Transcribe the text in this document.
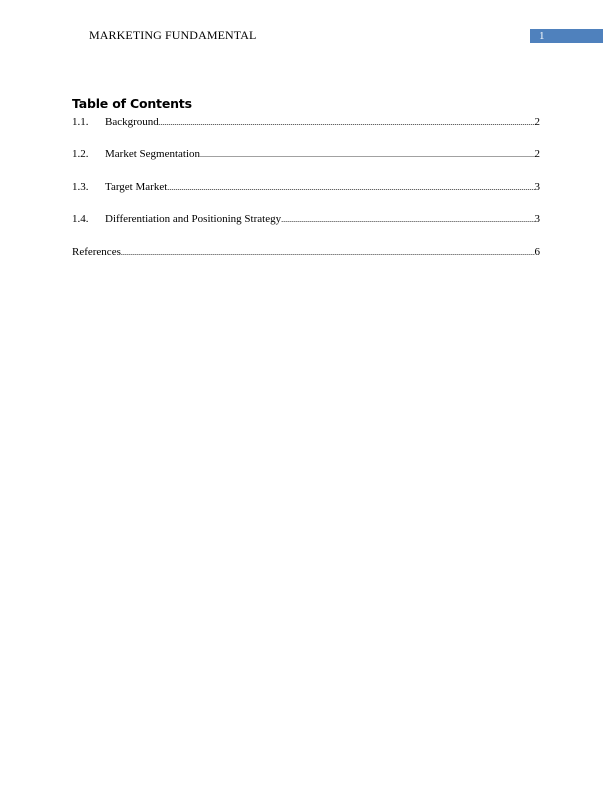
MARKETING FUNDAMENTAL	1
Table of Contents
1.1.	Background .....	2
1.2.	Market Segmentation .....	2
1.3.	Target Market .....	3
1.4.	Differentiation and Positioning Strategy .....	3
References .....	6
